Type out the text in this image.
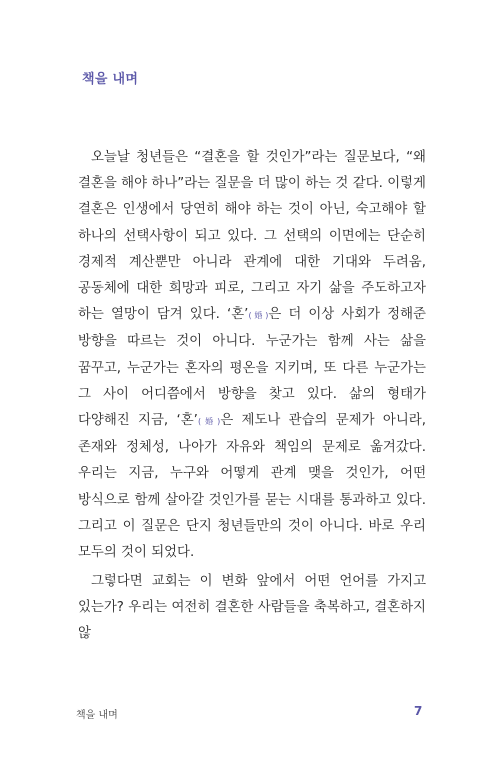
책을 내며

오늘날 청년들은 “결혼을 할 것인가”라는 질문보다, “왜 결혼을 해야 하나”라는 질문을 더 많이 하는 것 같다. 이렇게 결혼은 인생에서 당연히 해야 하는 것이 아닌, 숙고해야 할 하나의 선택사항이 되고 있다. 그 선택의 이면에는 단순히 경제적 계산뿐만 아니라 관계에 대한 기대와 두려움, 공동체에 대한 희망과 피로, 그리고 자기 삶을 주도하고자 하는 열망이 담겨 있다. ‘혼’(婚)은 더 이상 사회가 정해준 방향을 따르는 것이 아니다. 누군가는 함께 사는 삶을 꿈꾸고, 누군가는 혼자의 평온을 지키며, 또 다른 누군가는 그 사이 어디쯤에서 방향을 찾고 있다. 삶의 형태가 다양해진 지금, ‘혼’(婚)은 제도나 관습의 문제가 아니라, 존재와 정체성, 나아가 자유와 책임의 문제로 옮겨갔다. 우리는 지금, 누구와 어떻게 관계 맺을 것인가, 어떤 방식으로 함께 살아갈 것인가를 묻는 시대를 통과하고 있다. 그리고 이 질문은 단지 청년들만의 것이 아니다. 바로 우리 모두의 것이 되었다.

그렇다면 교회는 이 변화 앞에서 어떤 언어를 가지고 있는가? 우리는 여전히 결혼한 사람들을 축복하고, 결혼하지 않

책을 내며	7
